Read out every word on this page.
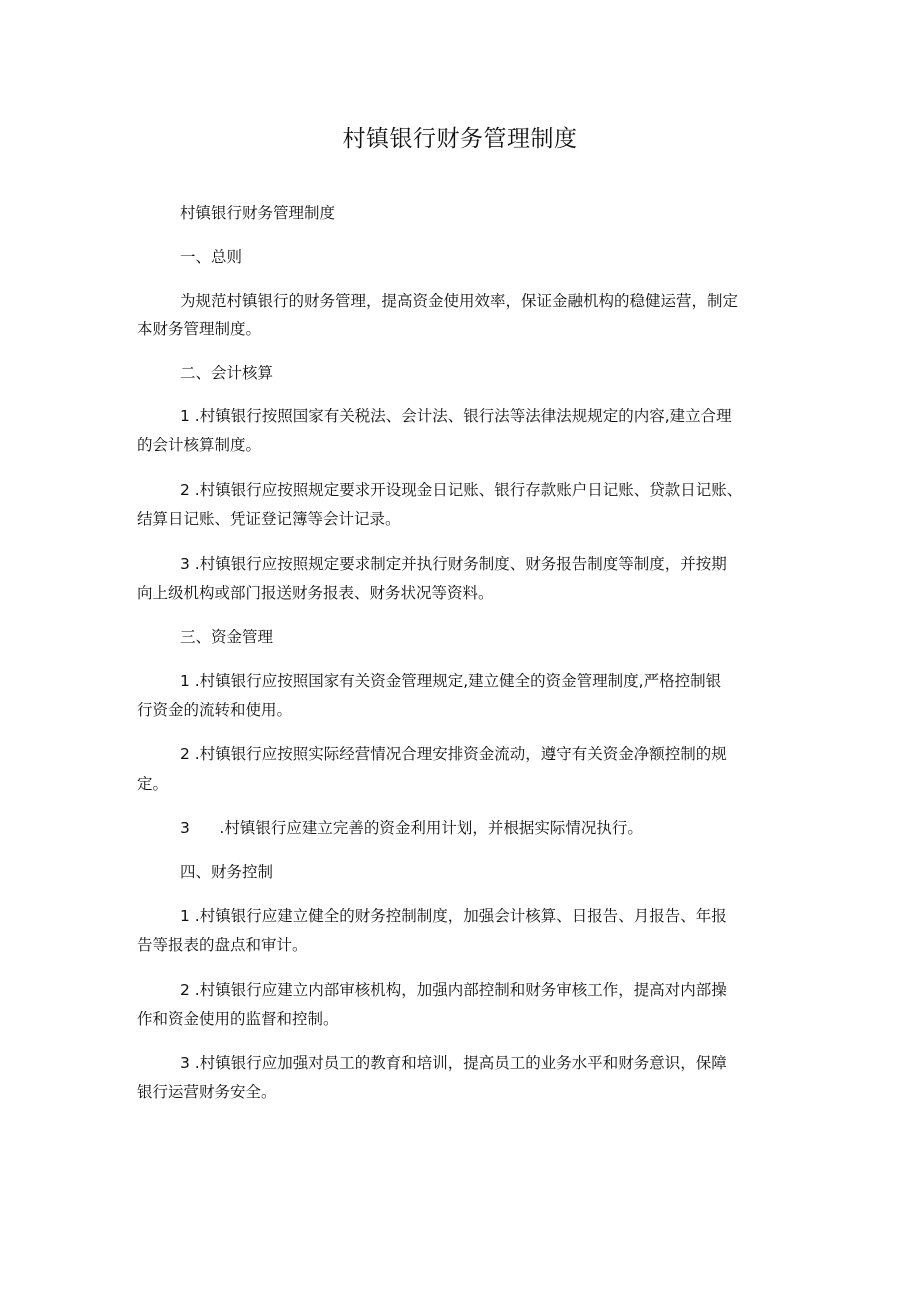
村镇银行财务管理制度

村镇银行财务管理制度

一、总则

为规范村镇银行的财务管理，提高资金使用效率，保证金融机构的稳健运营，制定

本财务管理制度。

二、会计核算

1 .村镇银行按照国家有关税法、会计法、银行法等法律法规规定的内容,建立合理

的会计核算制度。

2 .村镇银行应按照规定要求开设现金日记账、银行存款账户日记账、贷款日记账、

结算日记账、凭证登记簿等会计记录。

3 .村镇银行应按照规定要求制定并执行财务制度、财务报告制度等制度，并按期

向上级机构或部门报送财务报表、财务状况等资料。

三、资金管理

1 .村镇银行应按照国家有关资金管理规定,建立健全的资金管理制度,严格控制银

行资金的流转和使用。

2 .村镇银行应按照实际经营情况合理安排资金流动，遵守有关资金净额控制的规

定。

3      .村镇银行应建立完善的资金利用计划，并根据实际情况执行。

四、财务控制

1 .村镇银行应建立健全的财务控制制度，加强会计核算、日报告、月报告、年报

告等报表的盘点和审计。

2 .村镇银行应建立内部审核机构，加强内部控制和财务审核工作，提高对内部操

作和资金使用的监督和控制。

3 .村镇银行应加强对员工的教育和培训，提高员工的业务水平和财务意识，保障

银行运营财务安全。
